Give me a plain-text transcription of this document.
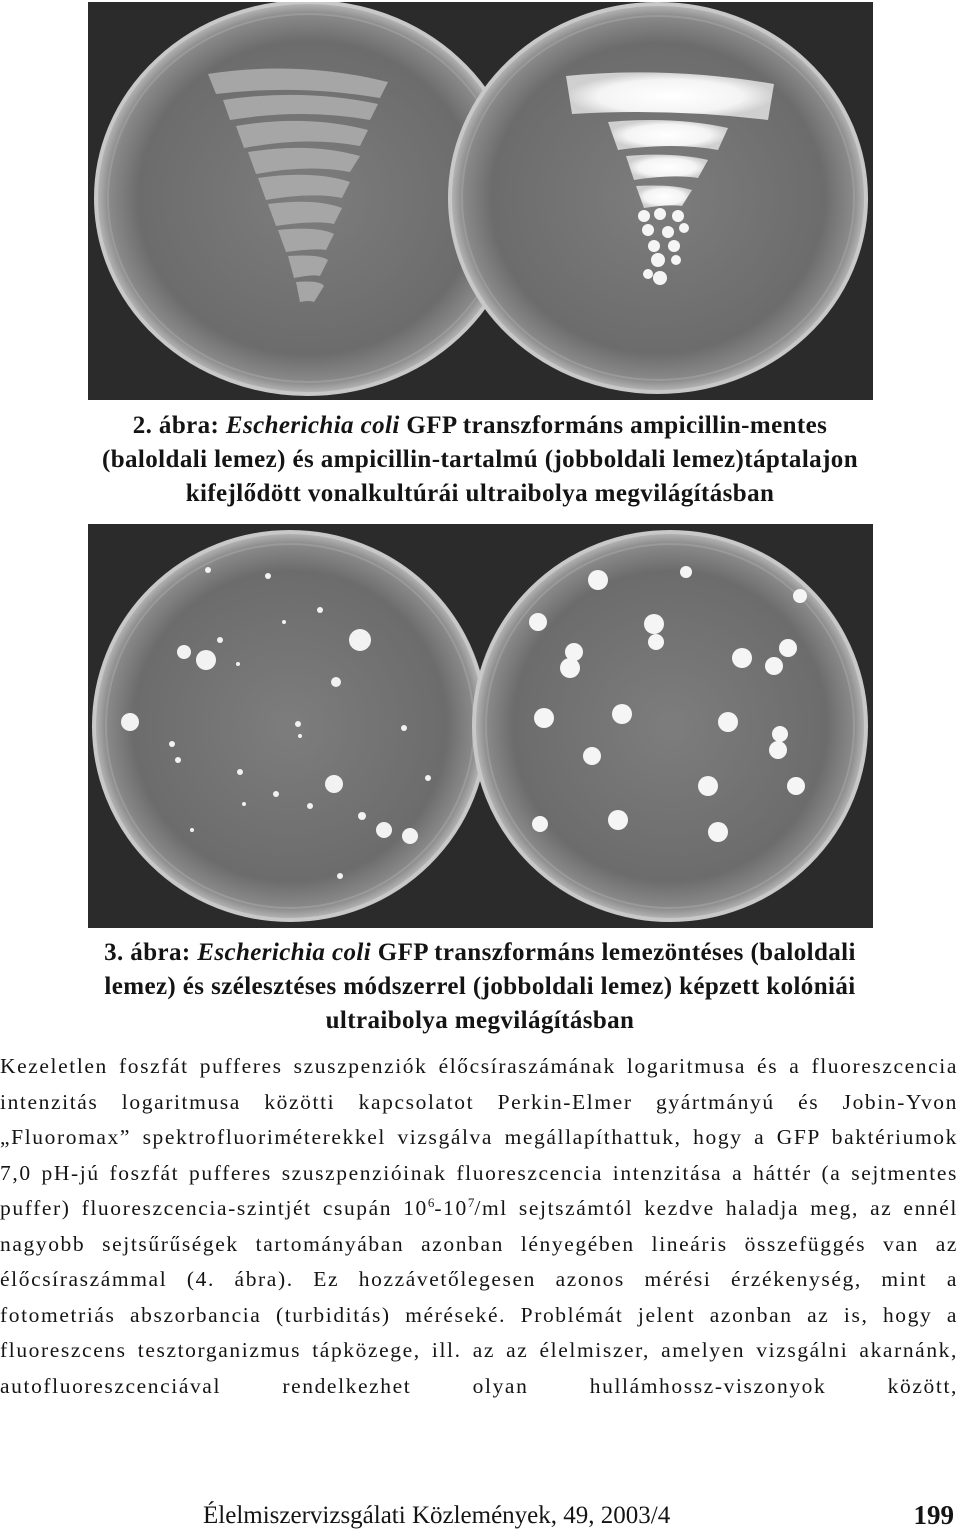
2. ábra: Escherichia coli GFP transzformáns ampicillin-mentes
(baloldali lemez) és ampicillin-tartalmú (jobboldali lemez)táptalajon
kifejlődött vonalkultúrái ultraibolya megvilágításban
3. ábra: Escherichia coli GFP transzformáns lemezöntéses (baloldali
lemez) és szélesztéses módszerrel (jobboldali lemez) képzett kolóniái
ultraibolya megvilágításban

Kezeletlen foszfát pufferes szuszpenziók élőcsíraszámának logaritmusa és a fluoreszcencia intenzitás logaritmusa közötti kapcsolatot Perkin-Elmer gyártmányú és Jobin-Yvon „Fluoromax” spektrofluoriméterekkel vizsgálva megállapíthattuk, hogy a GFP baktériumok 7,0 pH-jú foszfát pufferes szuszpenzióinak fluoreszcencia intenzitása a háttér (a sejtmentes puffer) fluoreszcencia-szintjét csupán $10^6-10^7/ml$ sejtszámtól kezdve haladja meg, az ennél nagyobb sejtsűrűségek tartományában azonban lényegében lineáris összefüggés van az élőcsíraszámmal (4. ábra). Ez hozzávetőlegesen azonos mérési érzékenység, mint a fotometriás abszorbancia (turbiditás) méréseké. Problémát jelent azonban az is, hogy a fluoreszcens tesztorganizmus tápközege, ill. az az élelmiszer, amelyen vizsgálni akarnánk, autofluoreszcenciával rendelkezhet olyan hullámhossz-viszonyok között,

Élelmiszervizsgálati Közlemények, 49, 2003/4	199
